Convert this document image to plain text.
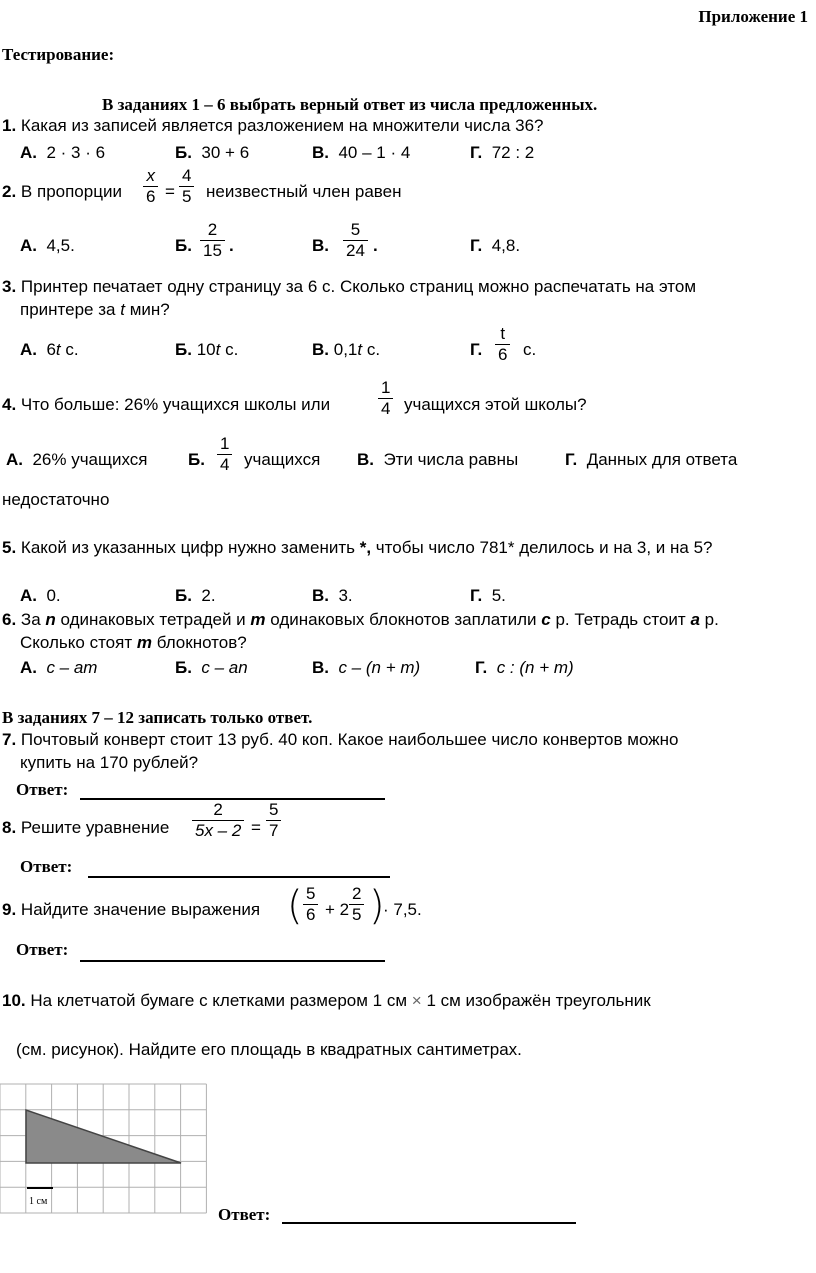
Приложение 1
Тестирование:
В заданиях 1 – 6 выбрать верный ответ из числа предложенных.
1. Какая из записей является разложением на множители числа 36?
А. 2 · 3 · 6	Б. 30 + 6	В. 40 – 1 · 4	Г. 72 : 2
2. В пропорции
x
6 =
4
5 неизвестный член равен
А. 4,5.	Б.
2
15 .	В.
5
24 .	Г. 4,8.
3. Принтер печатает одну страницу за 6 с. Сколько страниц можно распечатать на этом
принтере за t мин?
А. 6t с.	Б. 10t с.	В. 0,1t с.	Г.
t
6 с.
4. Что больше: 26% учащихся школы или
1
4 учащихся этой школы?
А. 26% учащихся Б.
1
4 учащихся В. Эти числа равны	Г. Данных для ответа
недостаточно
5. Какой из указанных цифр нужно заменить *, чтобы число 781* делилось и на 3, и на 5?
А. 0.	Б. 2.	В. 3.	Г. 5.
6. За n одинаковых тетрадей и m одинаковых блокнотов заплатили c р. Тетрадь стоит a р.
Сколько стоят m блокнотов?
А. c – am	Б. c – an	В. c – (n + m)	Г. c : (n + m)
В заданиях 7 – 12 записать только ответ.
7. Почтовый конверт стоит 13 руб. 40 коп. Какое наибольшее число конвертов можно
купить на 170 рублей?
Ответ:
8. Решите уравнение
2
5x – 2 =
5
7
Ответ:
9. Найдите значение выражения ( 5
6 + 2
2
5 )
· 7,5.
Ответ:
10. На клетчатой бумаге с клетками размером 1 см × 1 см изображён треугольник
(см. рисунок). Найдите его площадь в квадратных сантиметрах.
1 см
Ответ:
